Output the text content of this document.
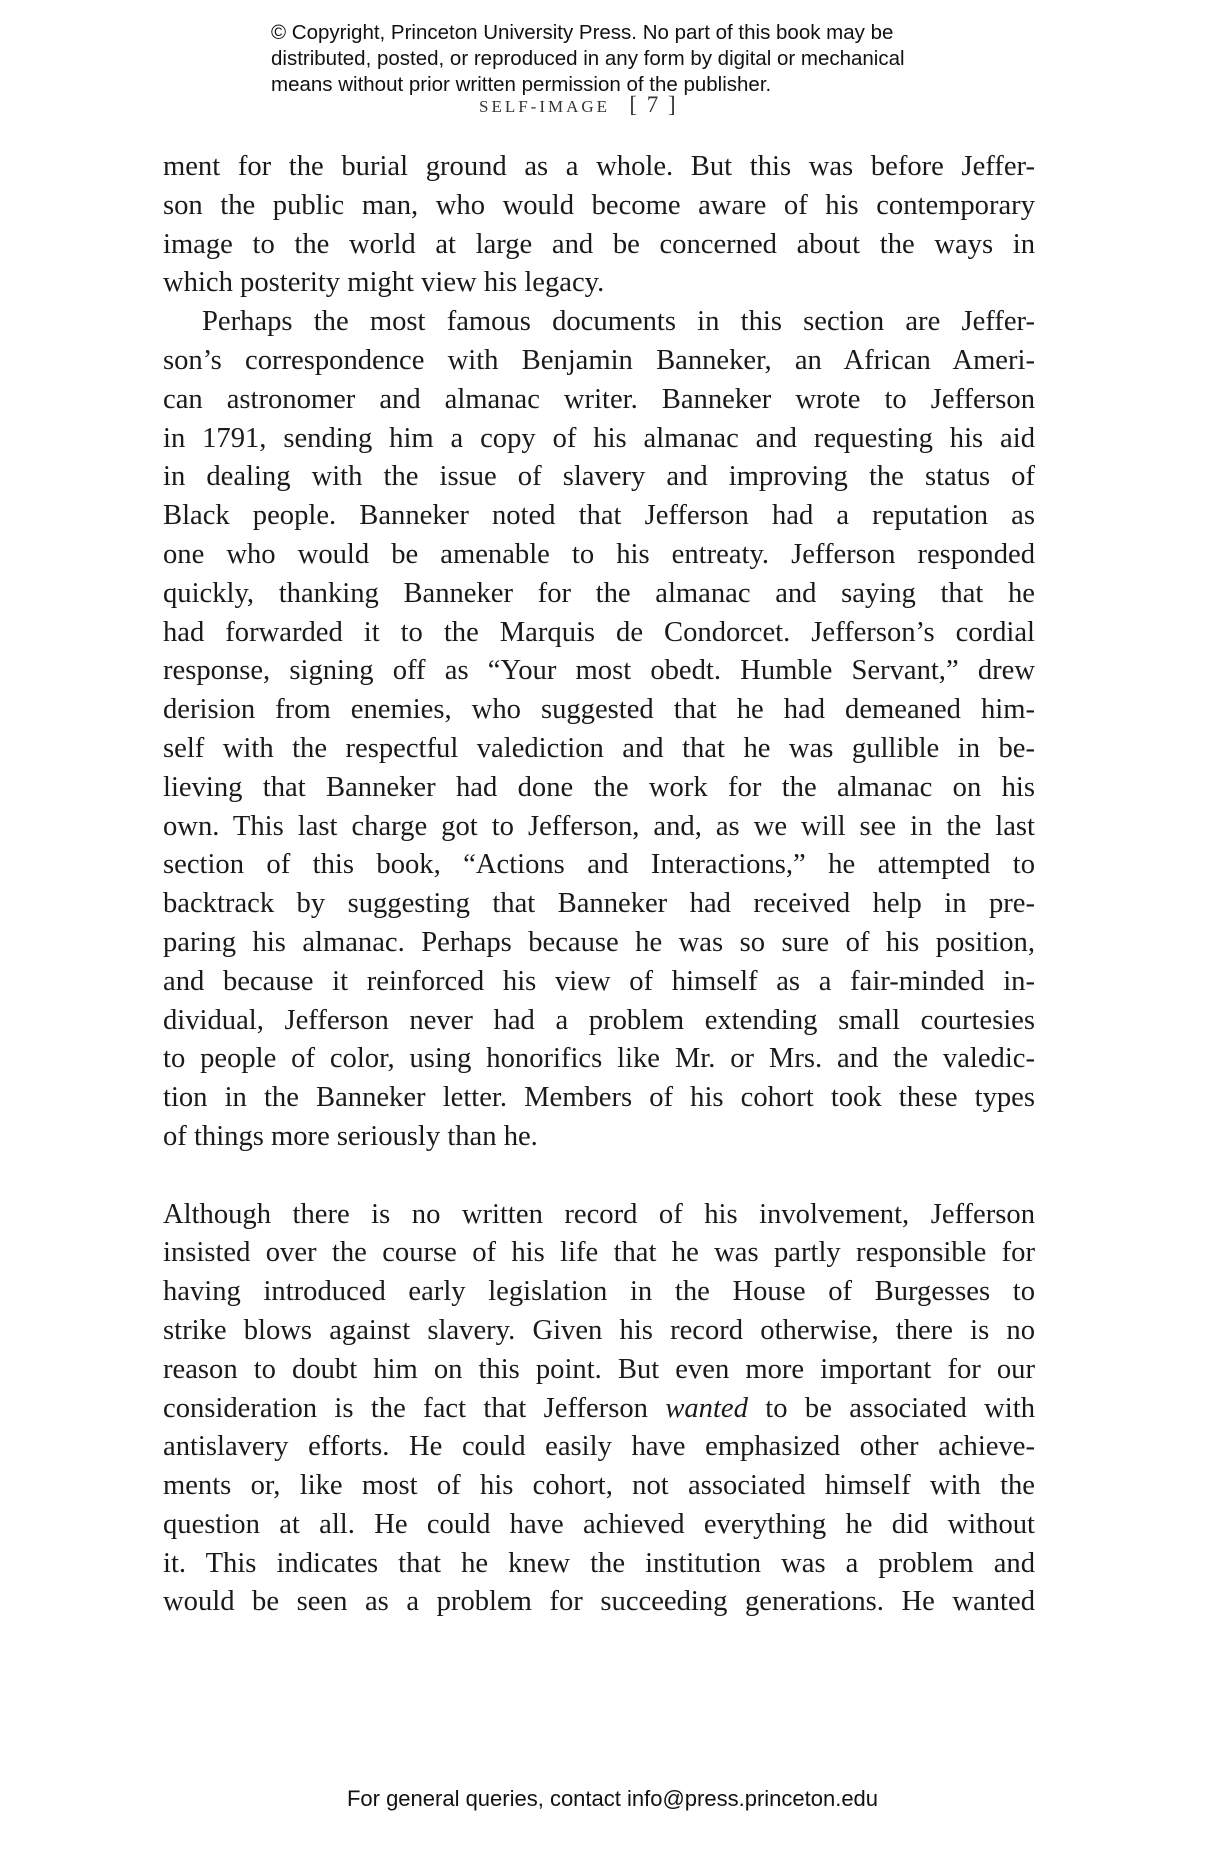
© Copyright, Princeton University Press. No part of this book may be
distributed, posted, or reproduced in any form by digital or mechanical
means without prior written permission of the publisher.
SELF-IMAGE [ 7 ]
ment for the burial ground as a whole. But this was before Jeffer-
son the public man, who would become aware of his contemporary
image to the world at large and be concerned about the ways in
which posterity might view his legacy.
Perhaps the most famous documents in this section are Jeffer-
son’s correspondence with Benjamin Banneker, an African Ameri-
can astronomer and almanac writer. Banneker wrote to Jefferson
in 1791, sending him a copy of his almanac and requesting his aid
in dealing with the issue of slavery and improving the status of
Black people. Banneker noted that Jefferson had a reputation as
one who would be amenable to his entreaty. Jefferson responded
quickly, thanking Banneker for the almanac and saying that he
had forwarded it to the Marquis de Condorcet. Jefferson’s cordial
response, signing off as “Your most obedt. Humble Servant,” drew
derision from enemies, who suggested that he had demeaned him-
self with the respectful valediction and that he was gullible in be-
lieving that Banneker had done the work for the almanac on his
own. This last charge got to Jefferson, and, as we will see in the last
section of this book, “Actions and Interactions,” he attempted to
backtrack by suggesting that Banneker had received help in pre-
paring his almanac. Perhaps because he was so sure of his position,
and because it reinforced his view of himself as a fair-minded in-
dividual, Jefferson never had a problem extending small courtesies
to people of color, using honorifics like Mr. or Mrs. and the valedic-
tion in the Banneker letter. Members of his cohort took these types
of things more seriously than he.
Although there is no written record of his involvement, Jefferson
insisted over the course of his life that he was partly responsible for
having introduced early legislation in the House of Burgesses to
strike blows against slavery. Given his record otherwise, there is no
reason to doubt him on this point. But even more important for our
consideration is the fact that Jefferson wanted to be associated with
antislavery efforts. He could easily have emphasized other achieve-
ments or, like most of his cohort, not associated himself with the
question at all. He could have achieved everything he did without
it. This indicates that he knew the institution was a problem and
would be seen as a problem for succeeding generations. He wanted
For general queries, contact info@press.princeton.edu
